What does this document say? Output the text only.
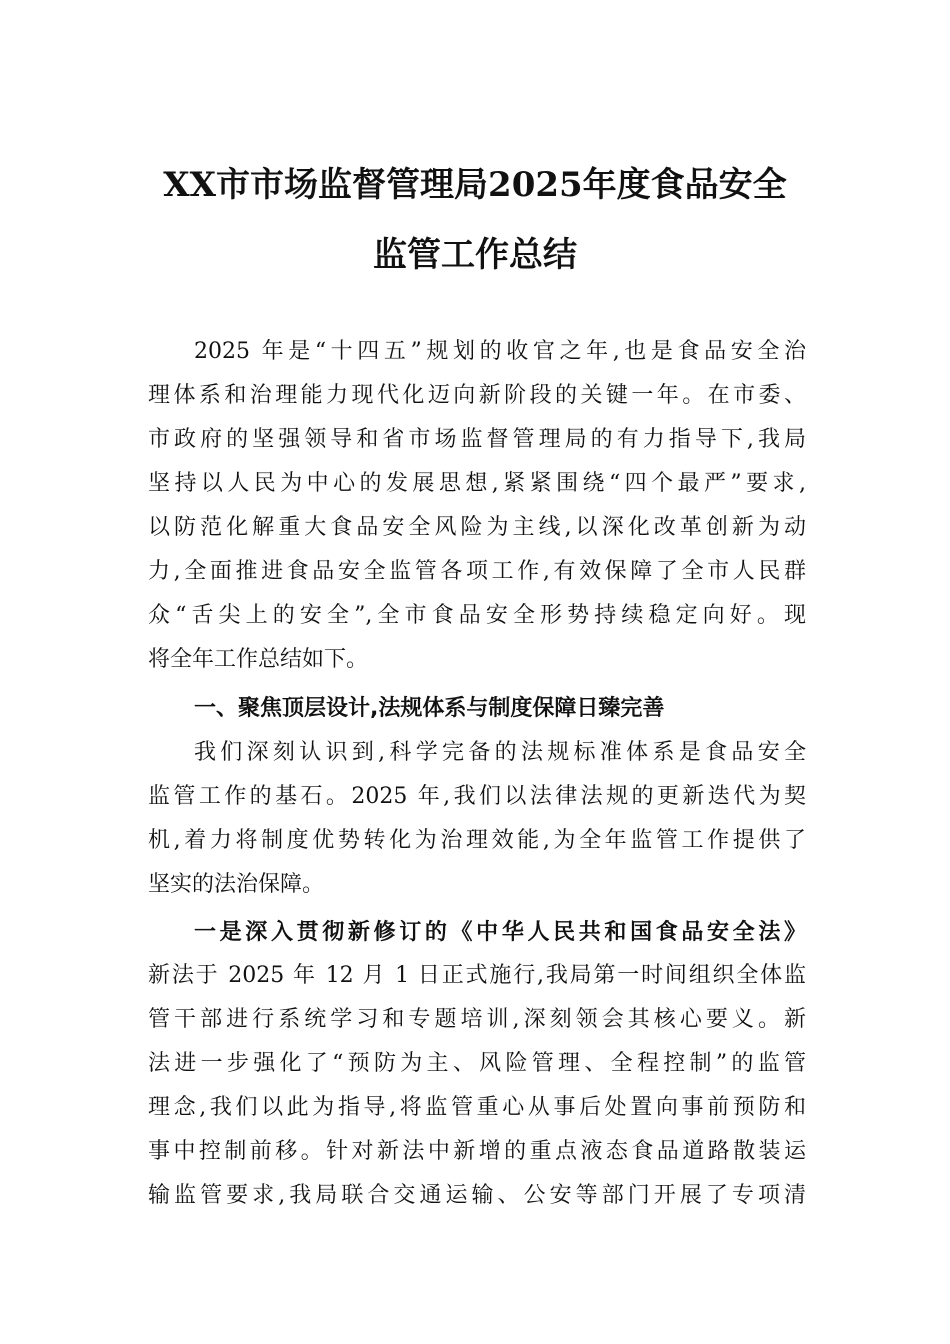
XX市市场监督管理局2025年度食品安全
监管工作总结
2025 年是“十四五”规划的收官之年,也是食品安全治
理体系和治理能力现代化迈向新阶段的关键一年。在市委、
市政府的坚强领导和省市场监督管理局的有力指导下,我局
坚持以人民为中心的发展思想,紧紧围绕“四个最严”要求,
以防范化解重大食品安全风险为主线,以深化改革创新为动
力,全面推进食品安全监管各项工作,有效保障了全市人民群
众“舌尖上的安全”,全市食品安全形势持续稳定向好。现
将全年工作总结如下。
一、聚焦顶层设计,法规体系与制度保障日臻完善
我们深刻认识到,科学完备的法规标准体系是食品安全
监管工作的基石。2025 年,我们以法律法规的更新迭代为契
机,着力将制度优势转化为治理效能,为全年监管工作提供了
坚实的法治保障。
一是深入贯彻新修订的《中华人民共和国食品安全法》
新法于 2025 年 12 月 1 日正式施行,我局第一时间组织全体监
管干部进行系统学习和专题培训,深刻领会其核心要义。新
法进一步强化了“预防为主、风险管理、全程控制”的监管
理念,我们以此为指导,将监管重心从事后处置向事前预防和
事中控制前移。针对新法中新增的重点液态食品道路散装运
输监管要求,我局联合交通运输、公安等部门开展了专项清
